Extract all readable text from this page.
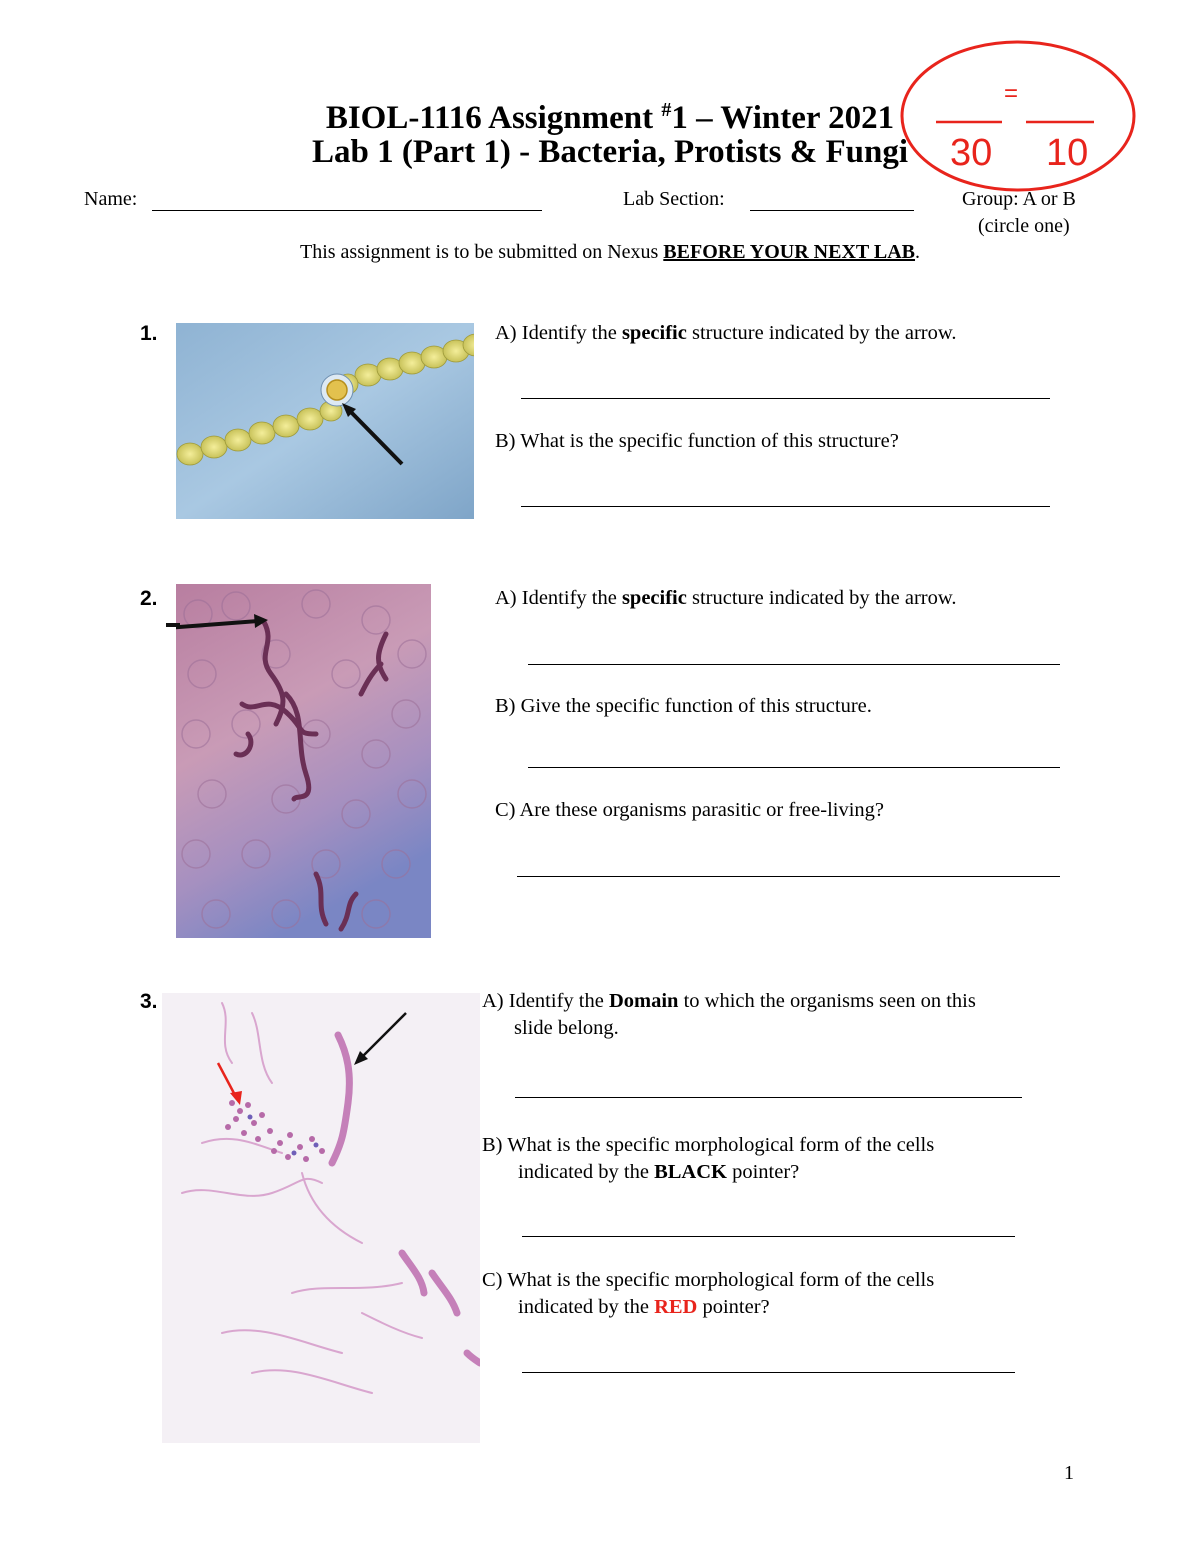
BIOL-1116 Assignment #1 – Winter 2021
Lab 1 (Part 1) - Bacteria, Protists & Fungi
=
30 10
Name:	Lab Section:	Group: A or B
(circle one)
This assignment is to be submitted on Nexus BEFORE YOUR NEXT LAB.
1.	A) Identify the specific structure indicated by the arrow.
B) What is the specific function of this structure?
2.	A) Identify the specific structure indicated by the arrow.
B) Give the specific function of this structure.
C) Are these organisms parasitic or free-living?
3.	A) Identify the Domain to which the organisms seen on this
slide belong.
B) What is the specific morphological form of the cells
indicated by the BLACK pointer?
C) What is the specific morphological form of the cells
indicated by the RED pointer?
1
